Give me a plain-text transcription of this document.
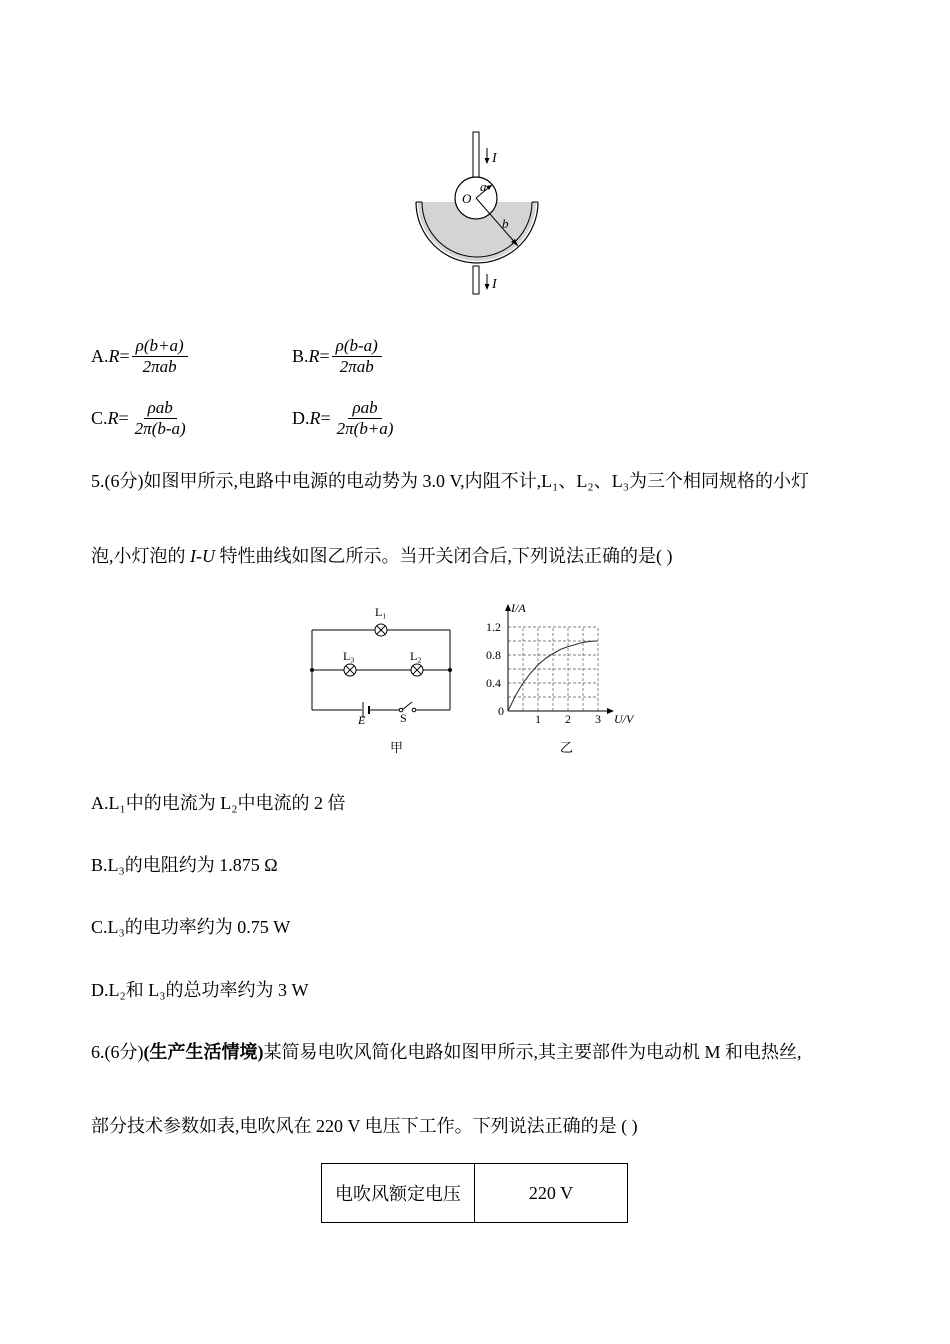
I
I
O
a
b
A. $R = \frac{\rho(b+a)}{\text{2πab}}$	B. $R = \frac{\rho(b-a)}{\text{2πab}}$
C. $R = \frac{\text{ρab}}{2\pi(b-a)}$	D. $R = \frac{\text{ρab}}{2\pi(b+a)}$
5.(6分)如图甲所示,电路中电源的电动势为 3.0 V,内阻不计,L₁、L₂、L₃为三个相同规格的小灯
泡,小灯泡的 I-U 特性曲线如图乙所示。当开关闭合后,下列说法正确的是( )
L₁
L₃	L₂
E	S
甲
1 2 3
0.4
0.8
1.2
I/A
U/V
0
乙
A.L₁中的电流为 L₂中电流的 2 倍
B.L₃的电阻约为 1.875 Ω
C.L₃的电功率约为 0.75 W
D.L₂和 L₃的总功率约为 3 W
6.(6分)(生产生活情境)某简易电吹风简化电路如图甲所示,其主要部件为电动机 M 和电热丝,
部分技术参数如表,电吹风在 220 V 电压下工作。下列说法正确的是 ( )
电吹风额定电压	220 V
